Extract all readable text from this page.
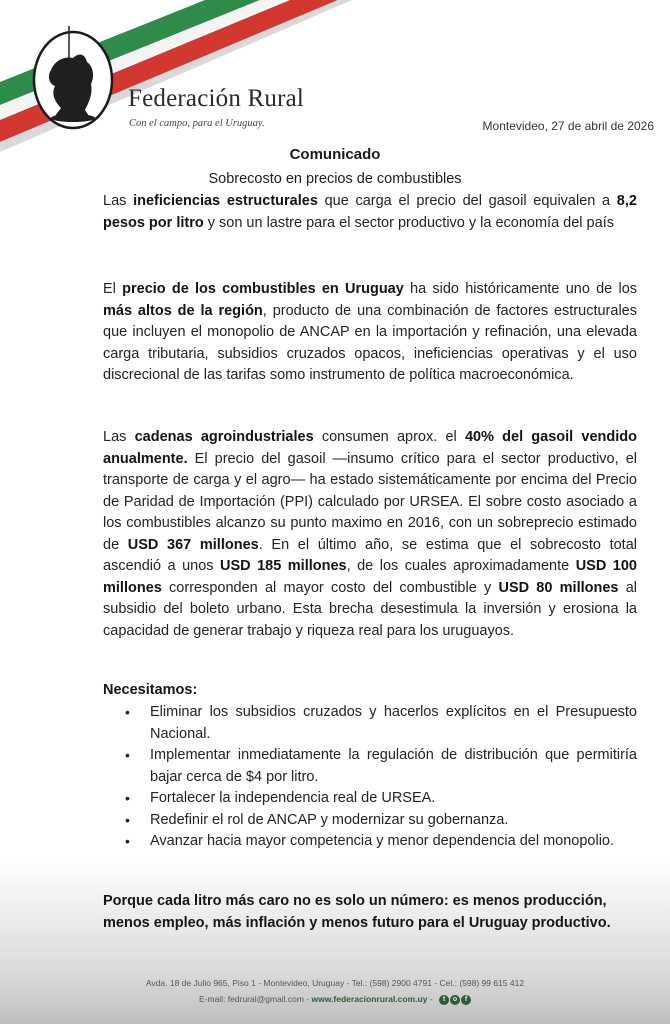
Federación Rural
Con el campo, para el Uruguay.	Montevideo, 27 de abril de 2026
Comunicado
Sobrecosto en precios de combustibles
Las ineficiencias estructurales que carga el precio del gasoil equivalen a 8,2 pesos por litro y son un lastre para el sector productivo y la economía del país
El precio de los combustibles en Uruguay ha sido históricamente uno de los más altos de la región, producto de una combinación de factores estructurales que incluyen el monopolio de ANCAP en la importación y refinación, una elevada carga tributaria, subsidios cruzados opacos, ineficiencias operativas y el uso discrecional de las tarifas somo instrumento de política macroeconómica.
Las cadenas agroindustriales consumen aprox. el 40% del gasoil vendido anualmente. El precio del gasoil —insumo crítico para el sector productivo, el transporte de carga y el agro— ha estado sistemáticamente por encima del Precio de Paridad de Importación (PPI) calculado por URSEA. El sobre costo asociado a los combustibles alcanzo su punto maximo en 2016, con un sobreprecio estimado de USD 367 millones. En el último año, se estima que el sobrecosto total ascendió a unos USD 185 millones, de los cuales aproximadamente USD 100 millones corresponden al mayor costo del combustible y USD 80 millones al subsidio del boleto urbano. Esta brecha desestimula la inversión y erosiona la capacidad de generar trabajo y riqueza real para los uruguayos.
Necesitamos:
• Eliminar los subsidios cruzados y hacerlos explícitos en el Presupuesto Nacional.
• Implementar inmediatamente la regulación de distribución que permitiría bajar cerca de $4 por litro.
• Fortalecer la independencia real de URSEA.
• Redefinir el rol de ANCAP y modernizar su gobernanza.
• Avanzar hacia mayor competencia y menor dependencia del monopolio.
Porque cada litro más caro no es solo un número: es menos producción, menos empleo, más inflación y menos futuro para el Uruguay productivo.
Avda. 18 de Julio 965, Piso 1 - Montevideo, Uruguay - Tel.: (598) 2900 4791 - Cel.: (598) 99 615 412
E-mail: fedrural@gmail.com - www.federacionrural.com.uy -	t	o	f
